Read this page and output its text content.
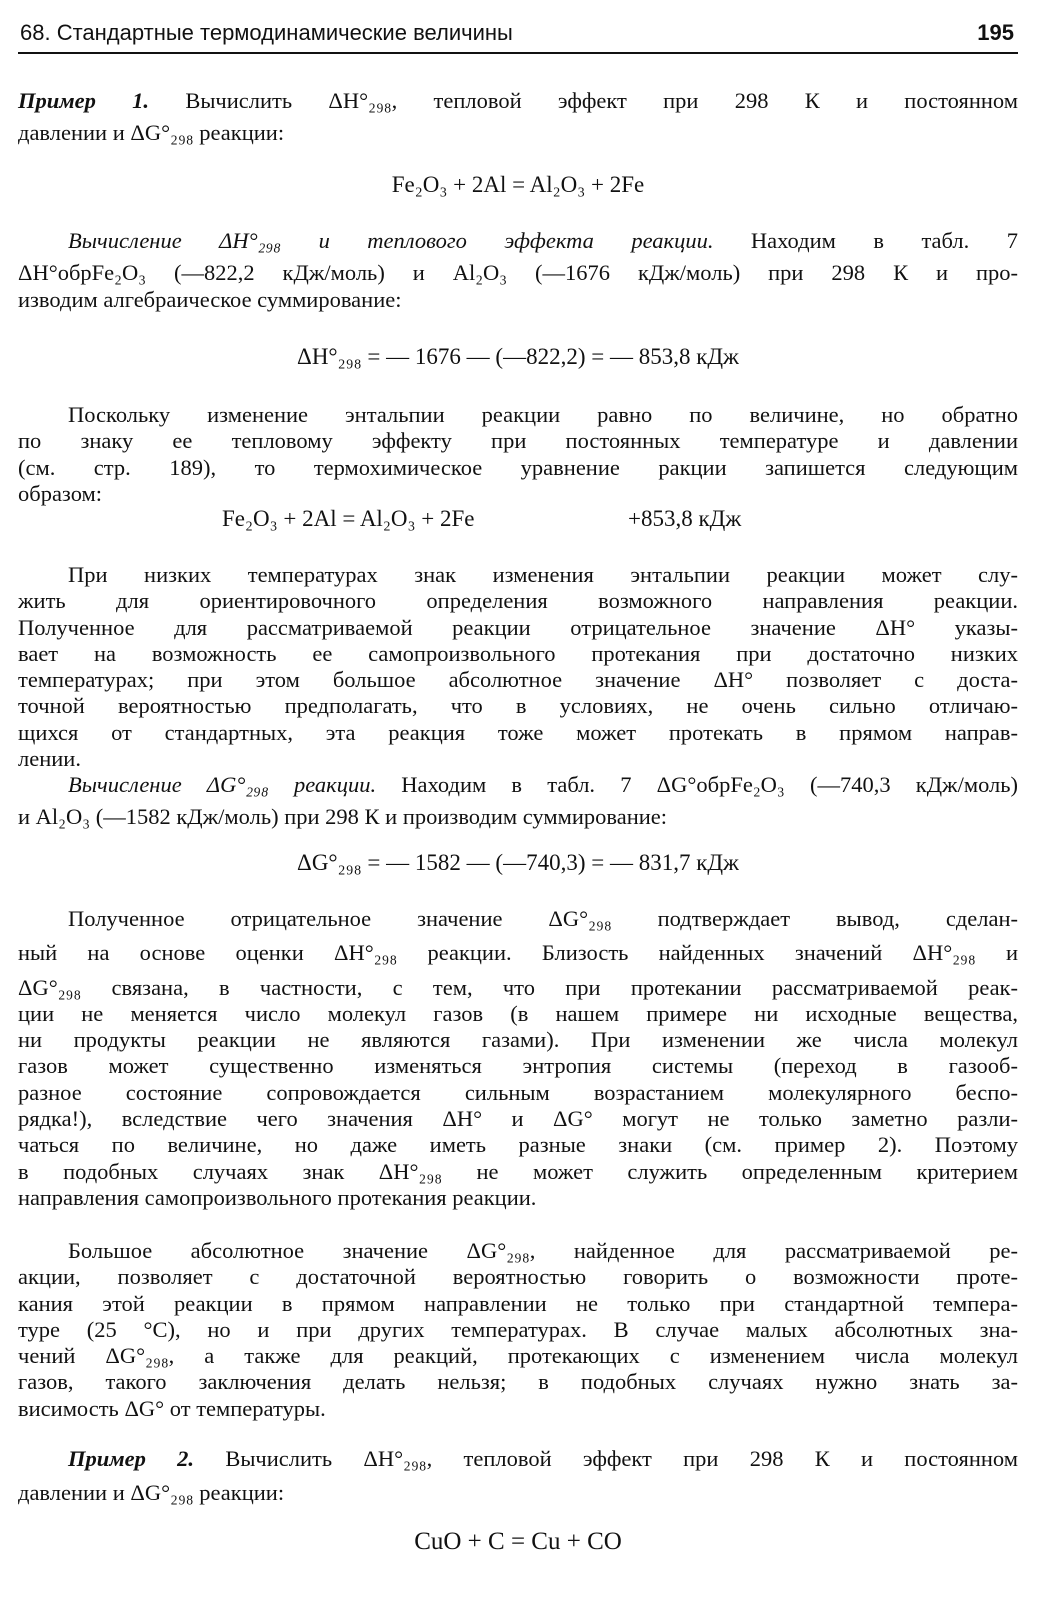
68. Стандартные термодинамические величины	195
Пример 1. Вычислить ΔH°₂₉₈, тепловой эффект при 298 К и постоянном
давлении и ΔG°₂₉₈ реакции:
Fe₂O₃ + 2Al = Al₂O₃ + 2Fe
Вычисление ΔH°₂₉₈ и теплового эффекта реакции. Находим в табл. 7
ΔH°обрFe₂O₃ (—822,2 кДж/моль) и Al₂O₃ (—1676 кДж/моль) при 298 К и про-
изводим алгебраическое суммирование:
ΔH°₂₉₈ = — 1676 — (—822,2) = — 853,8 кДж
Поскольку изменение энтальпии реакции равно по величине, но обратно
по знаку ее тепловому эффекту при постоянных температуре и давлении
(см. стр. 189), то термохимическое уравнение ракции запишется следующим
образом:
Fe₂O₃ + 2Al = Al₂O₃ + 2Fe	+853,8 кДж
При низких температурах знак изменения энтальпии реакции может слу-
жить для ориентировочного определения возможного направления реакции.
Полученное для рассматриваемой реакции отрицательное значение ΔH° указы-
вает на возможность ее самопроизвольного протекания при достаточно низких
температурах; при этом большое абсолютное значение ΔH° позволяет с доста-
точной вероятностью предполагать, что в условиях, не очень сильно отличаю-
щихся от стандартных, эта реакция тоже может протекать в прямом направ-
лении.
Вычисление ΔG°₂₉₈ реакции. Находим в табл. 7 ΔG°обрFe₂O₃ (—740,3 кДж/моль)
и Al₂O₃ (—1582 кДж/моль) при 298 К и производим суммирование:
ΔG°₂₉₈ = — 1582 — (—740,3) = — 831,7 кДж
Полученное отрицательное значение ΔG°₂₉₈ подтверждает вывод, сделан-
ный на основе оценки ΔH°₂₉₈ реакции. Близость найденных значений ΔH°₂₉₈ и
ΔG°₂₉₈ связана, в частности, с тем, что при протекании рассматриваемой реак-
ции не меняется число молекул газов (в нашем примере ни исходные вещества,
ни продукты реакции не являются газами). При изменении же числа молекул
газов может существенно изменяться энтропия системы (переход в газооб-
разное состояние сопровождается сильным возрастанием молекулярного беспо-
рядка!), вследствие чего значения ΔH° и ΔG° могут не только заметно разли-
чаться по величине, но даже иметь разные знаки (см. пример 2). Поэтому
в подобных случаях знак ΔH°₂₉₈ не может служить определенным критерием
направления самопроизвольного протекания реакции.
Большое абсолютное значение ΔG°₂₉₈, найденное для рассматриваемой ре-
акции, позволяет с достаточной вероятностью говорить о возможности проте-
кания этой реакции в прямом направлении не только при стандартной темпера-
туре (25 °С), но и при других температурах. В случае малых абсолютных зна-
чений ΔG°₂₉₈, а также для реакций, протекающих с изменением числа молекул
газов, такого заключения делать нельзя; в подобных случаях нужно знать за-
висимость ΔG° от температуры.
Пример 2. Вычислить ΔH°₂₉₈, тепловой эффект при 298 К и постоянном
давлении и ΔG°₂₉₈ реакции:
CuO + C = Cu + CO
